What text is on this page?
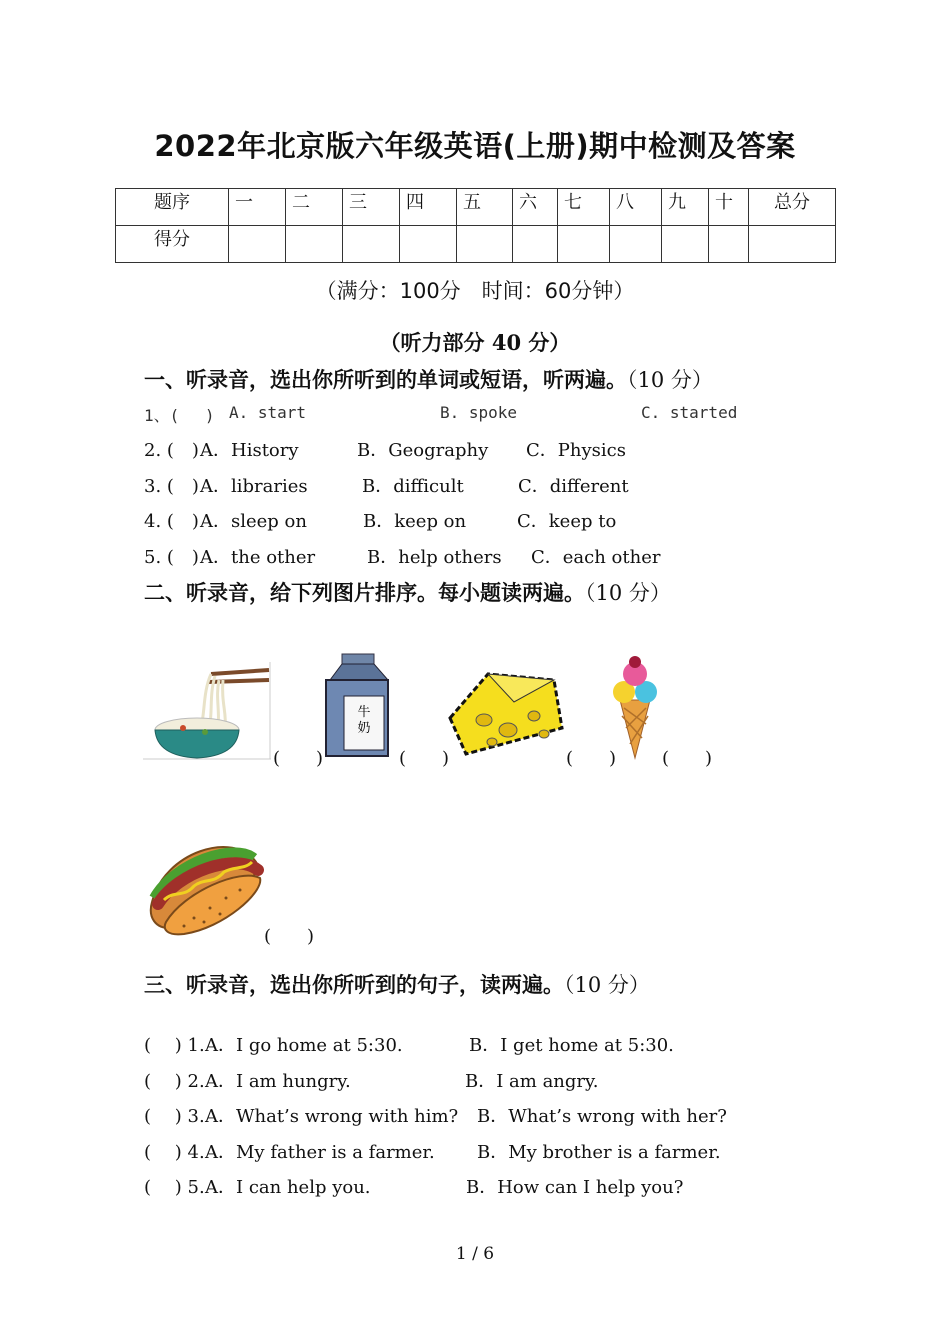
2022年北京版六年级英语(上册)期中检测及答案
题序	一	二	三	四	五	六	七	八	九	十	总分
得分											
（满分：100分　时间：60分钟）
（听力部分 40 分）
一、听录音，选出你所听到的单词或短语，听两遍。（10 分）
1、(　 ) A. start	B. spoke	C. started
2. (　) A．History	B．Geography C．Physics
3. (　) A．libraries	B．difficult	C．different
4. (　) A．sleep on	B．keep on	C．keep to
5. (　) A．the other	B．help others C．each other
二、听录音，给下列图片排序。每小题读两遍。（10 分）
(　　)
牛奶
(　　)	(　　)	(　　)
(　　)
三、听录音，选出你所听到的句子，读两遍。（10 分）
(　 ) 1. A．I go home at 5:30.	B．I get home at 5:30.
(　 ) 2. A．I am hungry.	B．I am angry.
(　 ) 3. A．What’s wrong with him? B．What’s wrong with her?
(　 ) 4. A．My father is a farmer. B．My brother is a farmer.
(　 ) 5. A．I can help you.	B．How can I help you?
1 / 6
